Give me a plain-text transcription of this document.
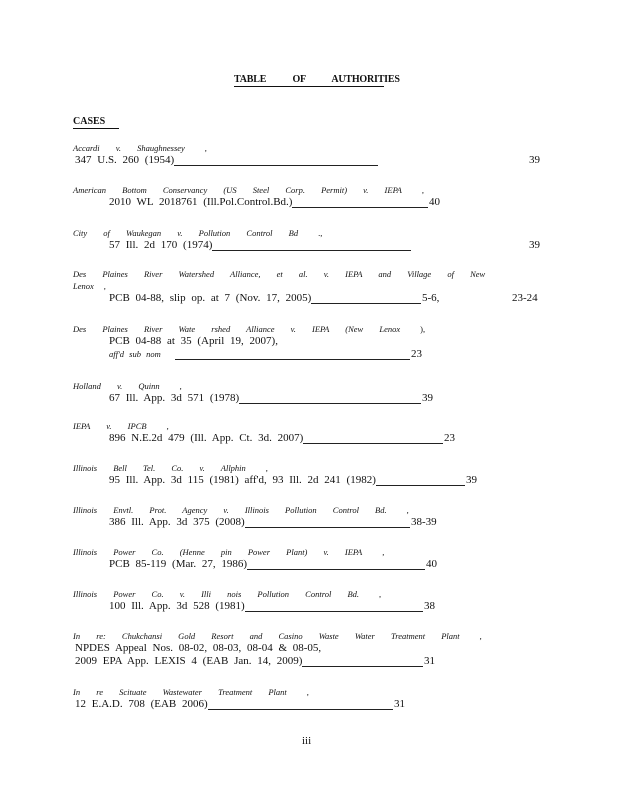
TABLE OF AUTHORITIES
CASES
Accardi v. Shaughnessey ,
347 U.S. 260 (1954)	39
American Bottom Conservancy (US Steel Corp. Permit) v. IEPA ,
2010 WL 2018761 (Ill.Pol.Control.Bd.)	40
City of Waukegan v. Pollution Control Bd .,
57 Ill. 2d 170 (1974)	39
Des Plaines River Watershed Alliance, et al. v. IEPA and Village of New
Lenox ,
PCB 04-88, slip op. at 7 (Nov. 17, 2005)	5-6,	23-24
Des Plaines River Wate rshed Alliance v. IEPA (New Lenox ),
PCB 04-88 at 35 (April 19, 2007),
aff'd sub nom	23
Holland v. Quinn ,
67 Ill. App. 3d 571 (1978)	39
IEPA v. IPCB ,
896 N.E.2d 479 (Ill. App. Ct. 3d. 2007)	23
Illinois Bell Tel. Co. v. Allphin ,
95 Ill. App. 3d 115 (1981) aff'd, 93 Ill. 2d 241 (1982)	39
Illinois Envtl. Prot. Agency v. Illinois Pollution Control Bd. ,
386 Ill. App. 3d 375 (2008)	38-39
Illinois Power Co. (Henne pin Power Plant) v. IEPA ,
PCB 85-119 (Mar. 27, 1986)	40
Illinois Power Co. v. Illi nois Pollution Control Bd. ,
100 Ill. App. 3d 528 (1981)	38
In re: Chukchansi Gold Resort and Casino Waste Water Treatment Plant ,
NPDES Appeal Nos. 08-02, 08-03, 08-04 & 08-05,
2009 EPA App. LEXIS 4 (EAB Jan. 14, 2009)	31
In re Scituate Wastewater Treatment Plant ,
12 E.A.D. 708 (EAB 2006)	31
iii
